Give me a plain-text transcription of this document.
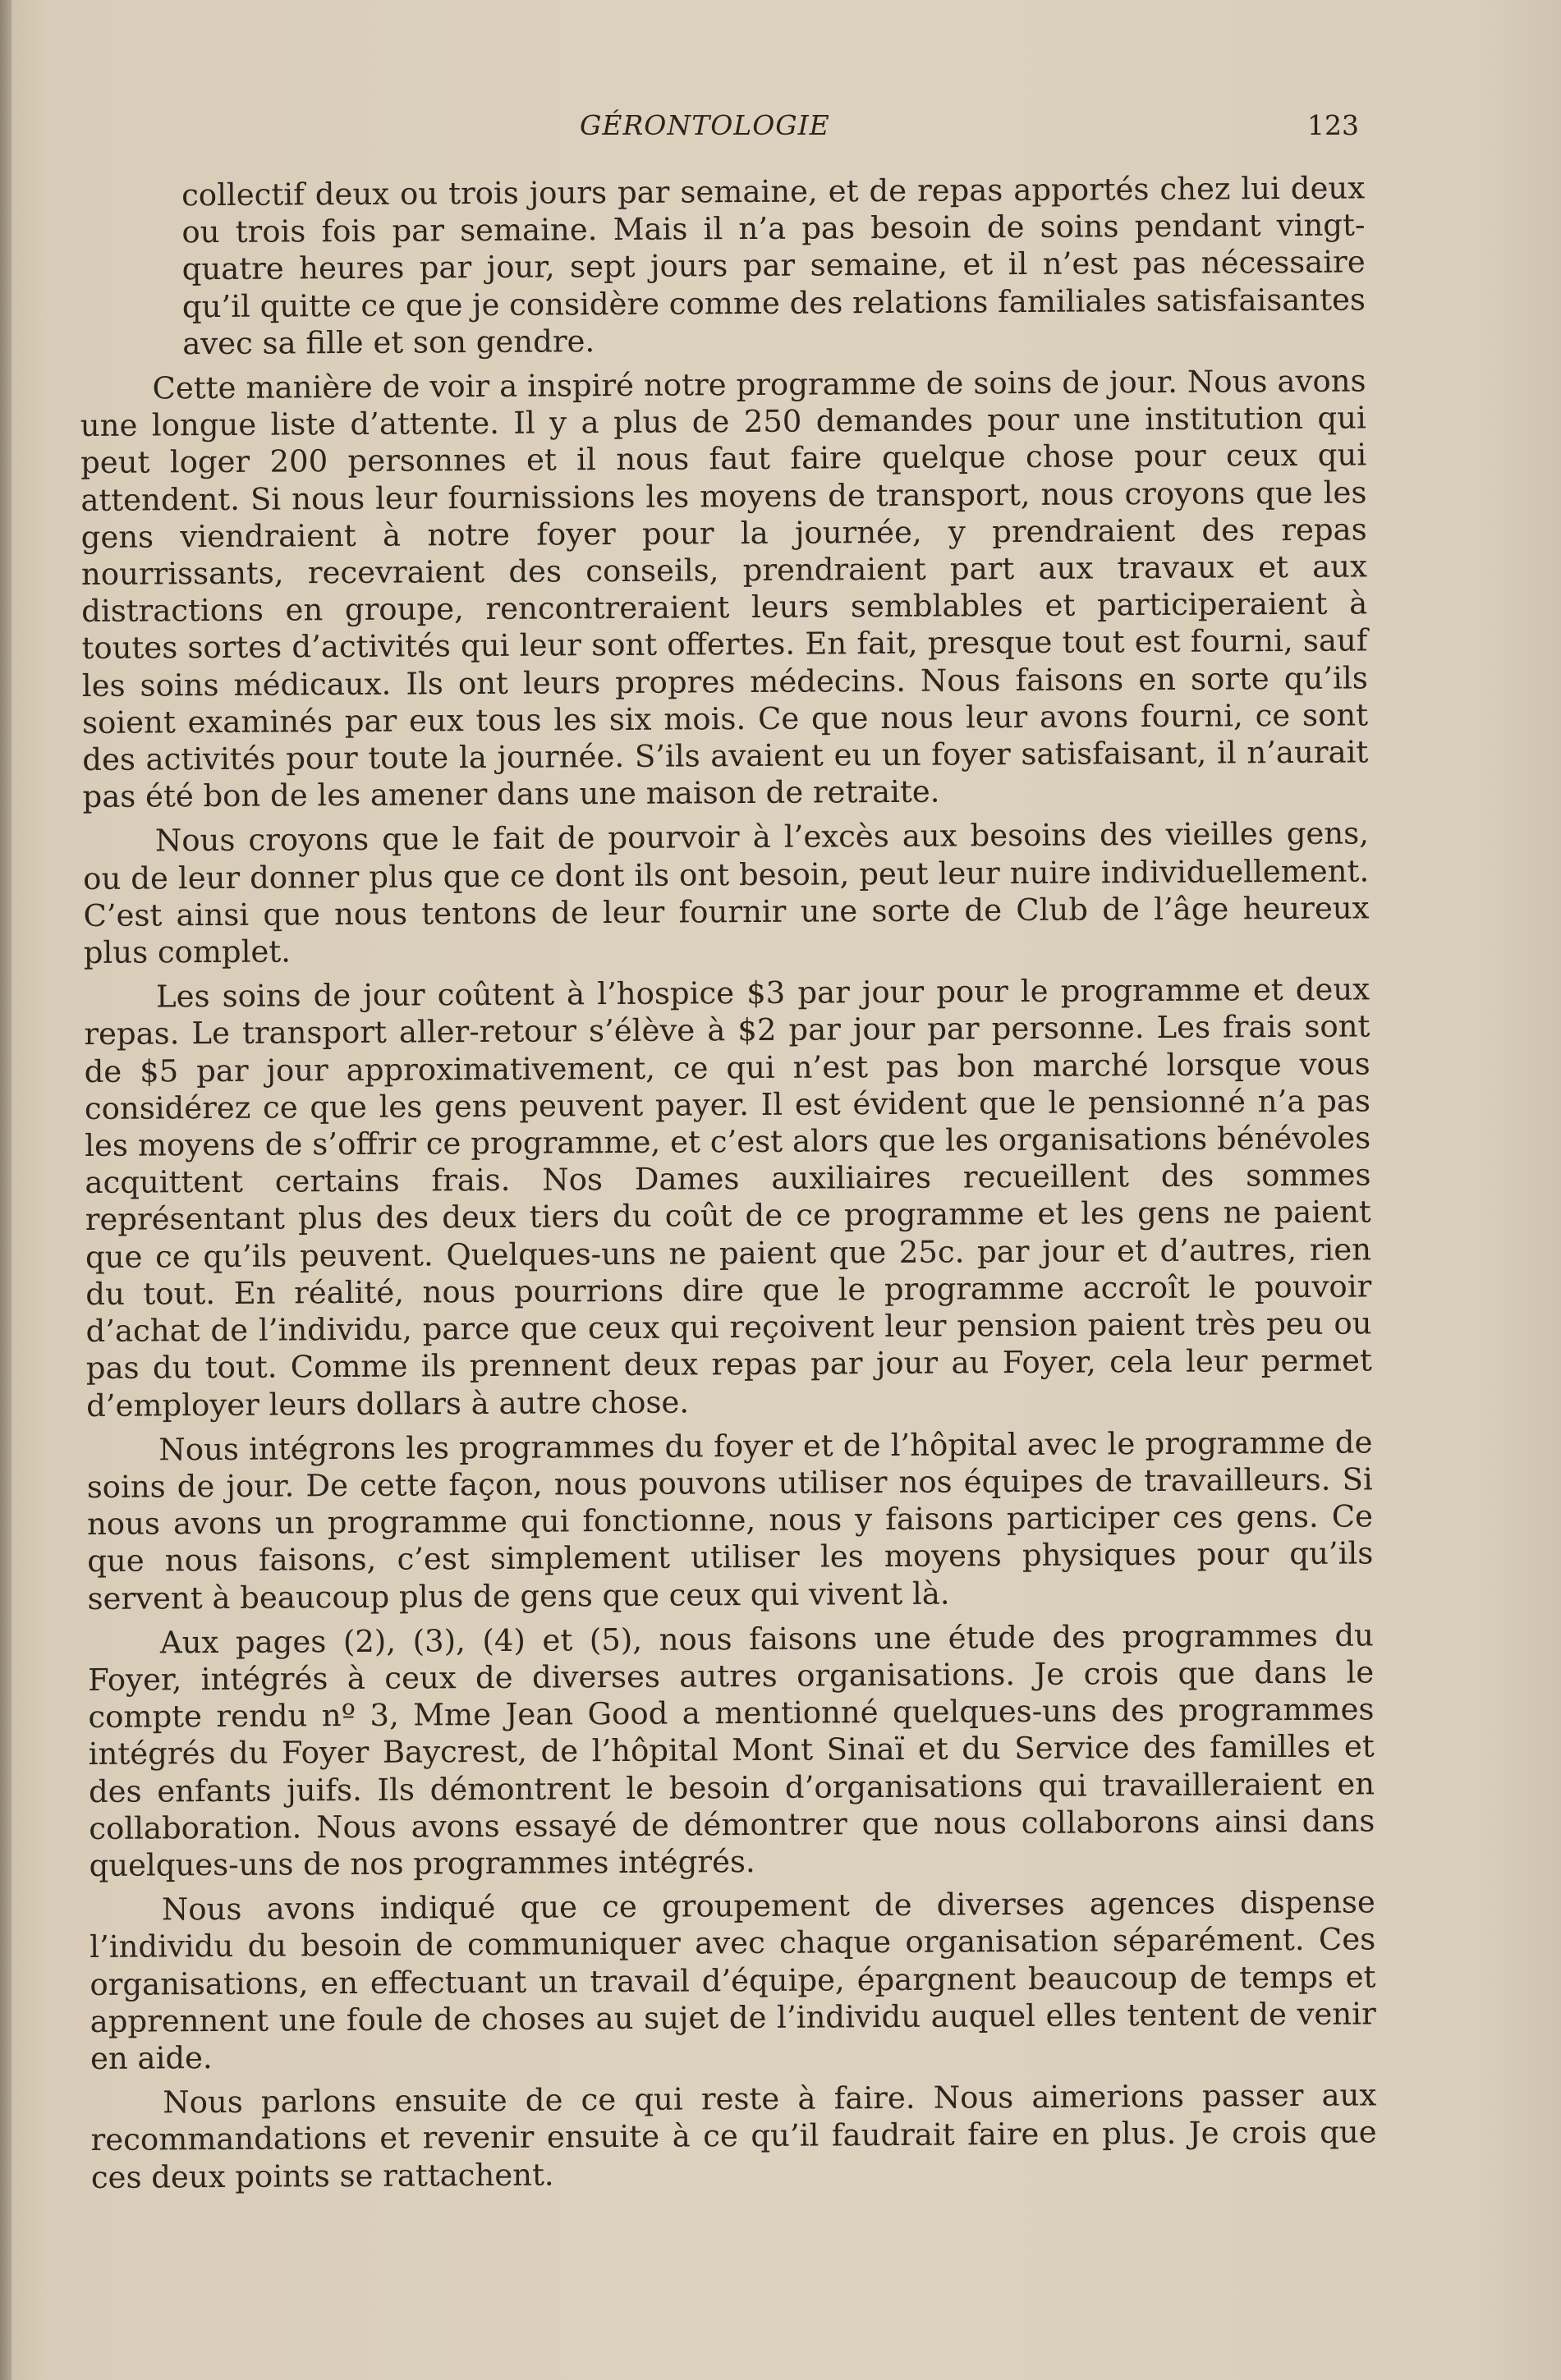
GÉRONTOLOGIE	123

collectif deux ou trois jours par semaine, et de repas apportés chez lui deux ou trois fois par semaine. Mais il n’a pas besoin de soins pendant vingt-quatre heures par jour, sept jours par semaine, et il n’est pas nécessaire qu’il quitte ce que je considère comme des relations familiales satisfaisantes avec sa fille et son gendre.

Cette manière de voir a inspiré notre programme de soins de jour. Nous avons une longue liste d’attente. Il y a plus de 250 demandes pour une institution qui peut loger 200 personnes et il nous faut faire quelque chose pour ceux qui attendent. Si nous leur fournissions les moyens de transport, nous croyons que les gens viendraient à notre foyer pour la journée, y prendraient des repas nourrissants, recevraient des conseils, prendraient part aux travaux et aux distractions en groupe, rencontreraient leurs semblables et participeraient à toutes sortes d’activités qui leur sont offertes. En fait, presque tout est fourni, sauf les soins médicaux. Ils ont leurs propres médecins. Nous faisons en sorte qu’ils soient examinés par eux tous les six mois. Ce que nous leur avons fourni, ce sont des activités pour toute la journée. S’ils avaient eu un foyer satisfaisant, il n’aurait pas été bon de les amener dans une maison de retraite.

Nous croyons que le fait de pourvoir à l’excès aux besoins des vieilles gens, ou de leur donner plus que ce dont ils ont besoin, peut leur nuire individuellement. C’est ainsi que nous tentons de leur fournir une sorte de Club de l’âge heureux plus complet.

Les soins de jour coûtent à l’hospice $3 par jour pour le programme et deux repas. Le transport aller-retour s’élève à $2 par jour par personne. Les frais sont de $5 par jour approximativement, ce qui n’est pas bon marché lorsque vous considérez ce que les gens peuvent payer. Il est évident que le pensionné n’a pas les moyens de s’offrir ce programme, et c’est alors que les organisations bénévoles acquittent certains frais. Nos Dames auxiliaires recueillent des sommes représentant plus des deux tiers du coût de ce programme et les gens ne paient que ce qu’ils peuvent. Quelques-uns ne paient que 25c. par jour et d’autres, rien du tout. En réalité, nous pourrions dire que le programme accroît le pouvoir d’achat de l’individu, parce que ceux qui reçoivent leur pension paient très peu ou pas du tout. Comme ils prennent deux repas par jour au Foyer, cela leur permet d’employer leurs dollars à autre chose.

Nous intégrons les programmes du foyer et de l’hôpital avec le programme de soins de jour. De cette façon, nous pouvons utiliser nos équipes de travailleurs. Si nous avons un programme qui fonctionne, nous y faisons participer ces gens. Ce que nous faisons, c’est simplement utiliser les moyens physiques pour qu’ils servent à beaucoup plus de gens que ceux qui vivent là.

Aux pages (2), (3), (4) et (5), nous faisons une étude des programmes du Foyer, intégrés à ceux de diverses autres organisations. Je crois que dans le compte rendu nº 3, Mme Jean Good a mentionné quelques-uns des programmes intégrés du Foyer Baycrest, de l’hôpital Mont Sinaï et du Service des familles et des enfants juifs. Ils démontrent le besoin d’organisations qui travailleraient en collaboration. Nous avons essayé de démontrer que nous collaborons ainsi dans quelques-uns de nos programmes intégrés.

Nous avons indiqué que ce groupement de diverses agences dispense l’individu du besoin de communiquer avec chaque organisation séparément. Ces organisations, en effectuant un travail d’équipe, épargnent beaucoup de temps et apprennent une foule de choses au sujet de l’individu auquel elles tentent de venir en aide.

Nous parlons ensuite de ce qui reste à faire. Nous aimerions passer aux recommandations et revenir ensuite à ce qu’il faudrait faire en plus. Je crois que ces deux points se rattachent.
